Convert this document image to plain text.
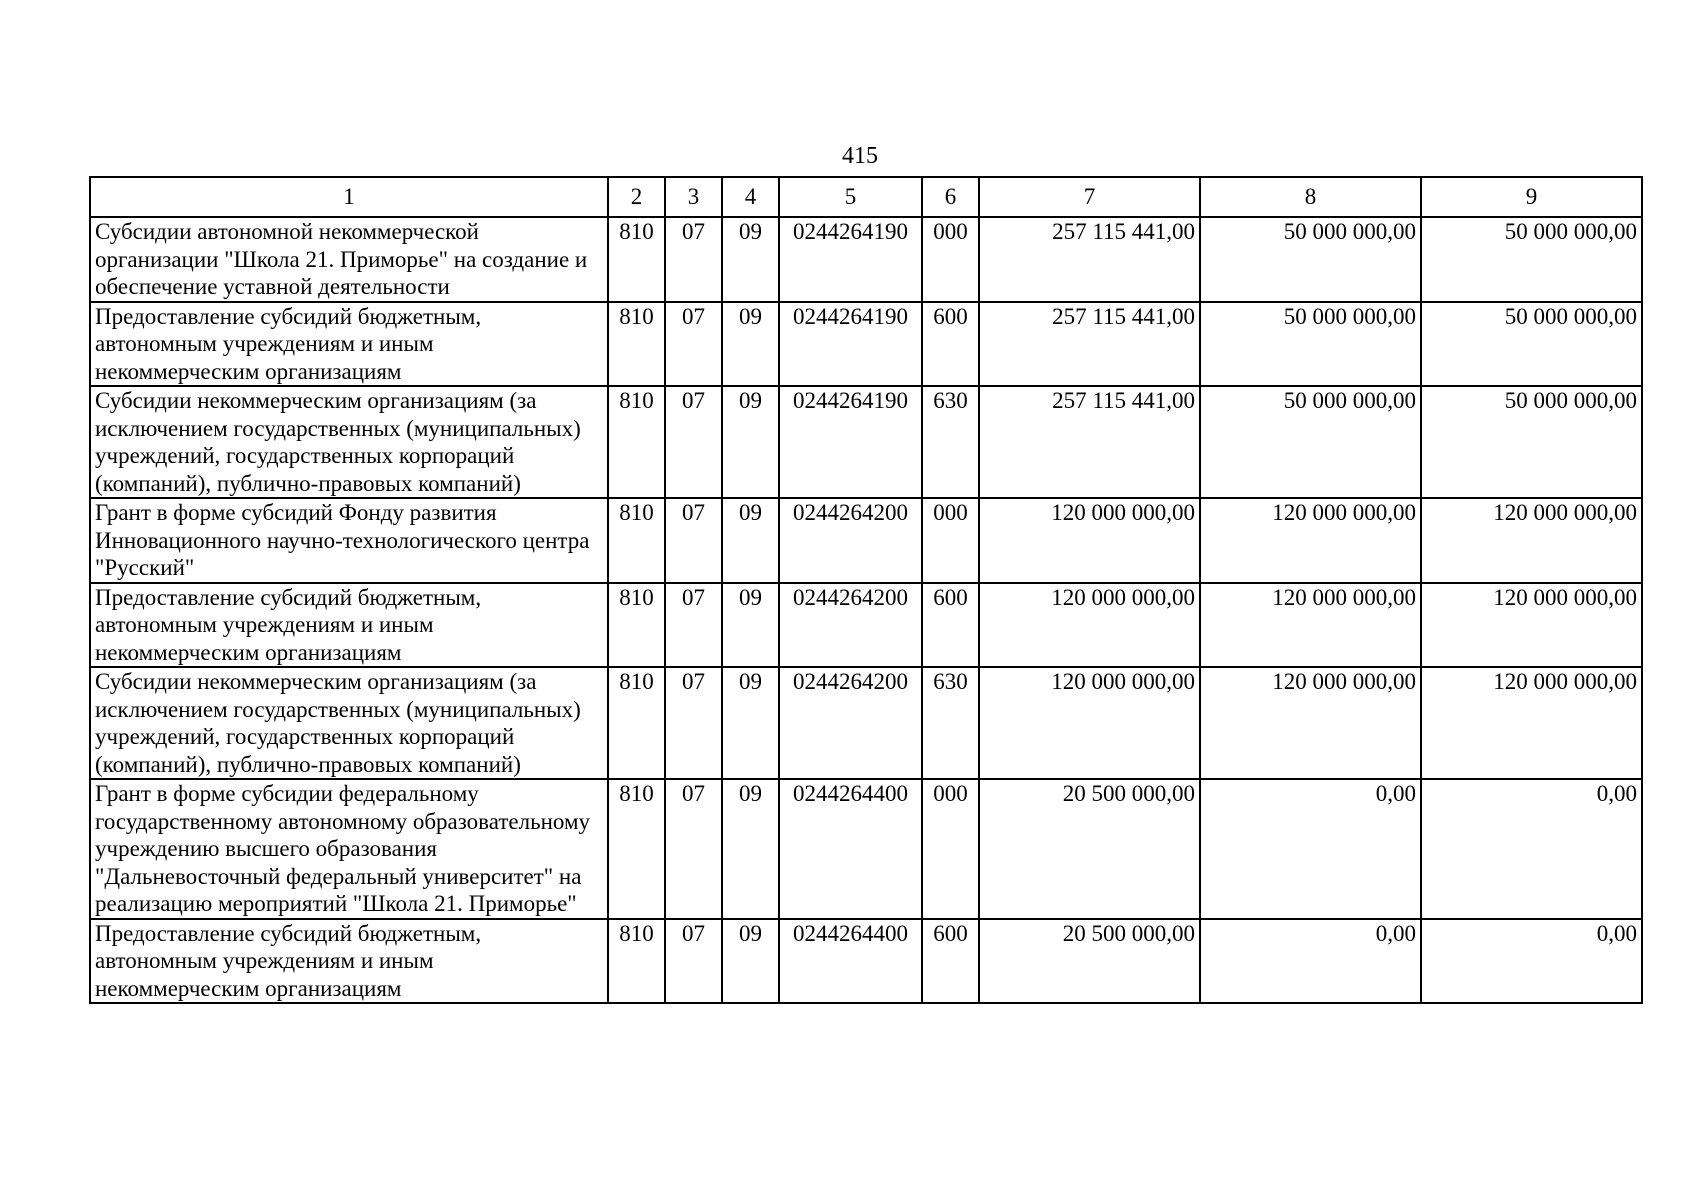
415
1	2	3	4	5	6	7	8	9
Субсидии автономной некоммерческой организации "Школа 21. Приморье" на создание и обеспечение уставной деятельности	810	07	09	0244264190	000	257 115 441,00	50 000 000,00	50 000 000,00
Предоставление субсидий бюджетным, автономным учреждениям и иным некоммерческим организациям	810	07	09	0244264190	600	257 115 441,00	50 000 000,00	50 000 000,00
Субсидии некоммерческим организациям (за исключением государственных (муниципальных) учреждений, государственных корпораций (компаний), публично-правовых компаний)	810	07	09	0244264190	630	257 115 441,00	50 000 000,00	50 000 000,00
Грант в форме субсидий Фонду развития Инновационного научно-технологического центра "Русский"	810	07	09	0244264200	000	120 000 000,00	120 000 000,00	120 000 000,00
Предоставление субсидий бюджетным, автономным учреждениям и иным некоммерческим организациям	810	07	09	0244264200	600	120 000 000,00	120 000 000,00	120 000 000,00
Субсидии некоммерческим организациям (за исключением государственных (муниципальных) учреждений, государственных корпораций (компаний), публично-правовых компаний)	810	07	09	0244264200	630	120 000 000,00	120 000 000,00	120 000 000,00
Грант в форме субсидии федеральному государственному автономному образовательному учреждению высшего образования "Дальневосточный федеральный университет" на реализацию мероприятий "Школа 21. Приморье"	810	07	09	0244264400	000	20 500 000,00	0,00	0,00
Предоставление субсидий бюджетным, автономным учреждениям и иным некоммерческим организациям	810	07	09	0244264400	600	20 500 000,00	0,00	0,00
